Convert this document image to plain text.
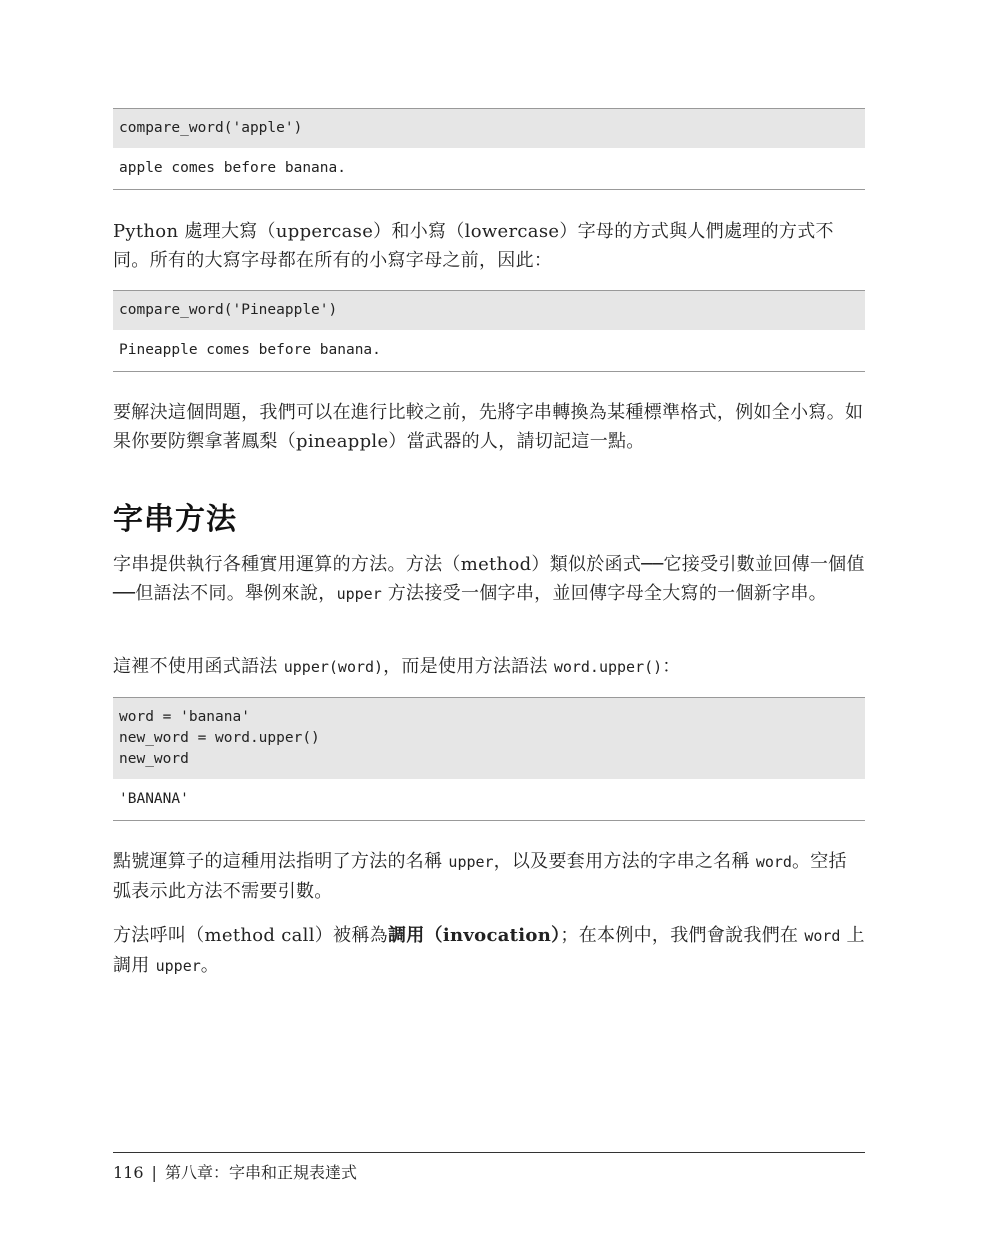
compare_word('apple')
apple comes before banana.

Python 處理大寫（uppercase）和小寫（lowercase）字母的方式與人們處理的方式不同。所有的大寫字母都在所有的小寫字母之前，因此：

compare_word('Pineapple')
Pineapple comes before banana.

要解決這個問題，我們可以在進行比較之前，先將字串轉換為某種標準格式，例如全小寫。如果你要防禦拿著鳳梨（pineapple）當武器的人，請切記這一點。

字串方法

字串提供執行各種實用運算的方法。方法（method）類似於函式──它接受引數並回傳一個值──但語法不同。舉例來說，upper 方法接受一個字串，並回傳字母全大寫的一個新字串。

這裡不使用函式語法 upper(word)，而是使用方法語法 word.upper()：

word = 'banana'
new_word = word.upper()
new_word
'BANANA'

點號運算子的這種用法指明了方法的名稱 upper，以及要套用方法的字串之名稱 word。空括弧表示此方法不需要引數。

方法呼叫（method call）被稱為調用（invocation）；在本例中，我們會說我們在 word 上調用 upper。

116 | 第八章：字串和正規表達式
